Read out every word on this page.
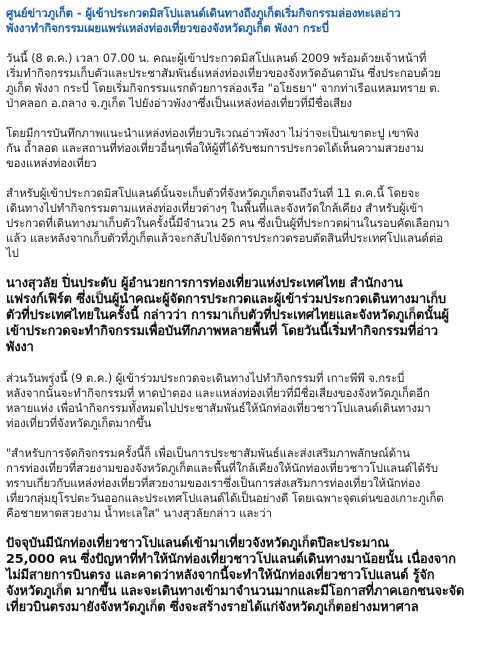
ศูนย์ข่าวภูเก็ต - ผู้เข้าประกวดมิสโปแลนด์เดินทางถึงภูเก็ตเริ่มกิจกรรมล่องทะเลอ่าว
พังงาทำกิจกรรมเผยแพร่แหล่งท่องเที่ยวของจังหวัดภูเก็ต พังงา กระบี่
วันนี้ (8 ต.ค.) เวลา 07.00 น. คณะผู้เข้าประกวดมิสโปแลนด์ 2009 พร้อมด้วยเจ้าหน้าที่
เริ่มทำกิจกรรมเก็บตัวและประชาสัมพันธ์แหล่งท่องเที่ยวของจังหวัดอันดามัน ซึ่งประกอบด้วย
ภูเก็ต พังงา กระบี่ โดยเริ่มกิจกรรมแรกด้วยการล่องเรือ "อโยธยา" จากท่าเรือแหลมทราย ต.
ป่าคลอก อ.ถลาง จ.ภูเก็ต ไปยังอ่าวพังงาซึ่งเป็นแหล่งท่องเที่ยวที่มีชื่อเสียง
โดยมีการบันทึกภาพแนะนำแหล่งท่องเที่ยวบริเวณอ่าวพังงา ไม่ว่าจะเป็นเขาตะปู เขาพิง
กัน ถ้ำลอด และสถานที่ท่องเที่ยวอื่นๆเพื่อให้ผู้ที่ได้รับชมการประกวดได้เห็นความสวยงาม
ของแหล่งท่องเที่ยว
สำหรับผู้เข้าประกวดมิสโปแลนด์นั้นจะเก็บตัวที่จังหวัดภูเก็ตจนถึงวันที่ 11 ต.ค.นี้ โดยจะ
เดินทางไปทำกิจกรรมตามแหล่งท่องเที่ยวต่างๆ ในพื้นที่และจังหวัดใกล้เคียง สำหรับผู้เข้า
ประกวดที่เดินทางมาเก็บตัวในครั้งนี้มีจำนวน 25 คน ซึ่งเป็นผู้ที่ประกวดผ่านในรอบคัดเลือกมา
แล้ว และหลังจากเก็บตัวที่ภูเก็ตแล้วจะกลับไปจัดการประกวดรอบตัดสินที่ประเทศโปแลนด์ต่อ
ไป
นางสุวลัย ปิ่นประดับ ผู้อำนวยการการท่องเที่ยวแห่งประเทศไทย สำนักงาน
แฟรงก์เฟิร์ต ซึ่งเป็นผู้นำคณะผู้จัดการประกวดและผู้เข้าร่วมประกวดเดินทางมาเก็บ
ตัวที่ประเทศไทยในครั้งนี้ กล่าวว่า การมาเก็บตัวที่ประเทศไทยและจังหวัดภูเก็ตนั้นผู้
เข้าประกวดจะทำกิจกรรมเพื่อบันทึกภาพหลายพื้นที่ โดยวันนี้เริ่มทำกิจกรรมที่อ่าว
พังงา
ส่วนวันพรุ่งนี้ (9 ต.ค.) ผู้เข้าร่วมประกวดจะเดินทางไปทำกิจกรรมที่ เกาะพีพี จ.กระบี่
หลังจากนั้นจะทำกิจกรรมที่ หาดป่าตอง และแหล่งท่องเที่ยวที่มีชื่อเสียงของจังหวัดภูเก็ตอีก
หลายแห่ง เพื่อนำกิจกรรมทั้งหมดไปประชาสัมพันธ์ให้นักท่องเที่ยวชาวโปแลนด์เดินทางมา
ท่องเที่ยวที่จังหวัดภูเก็ตมากขึ้น
"สำหรับการจัดกิจกรรมครั้งนี้ก็ เพื่อเป็นการประชาสัมพันธ์และส่งเสริมภาพลักษณ์ด้าน
การท่องเที่ยวที่สวยงามของจังหวัดภูเก็ตและพื้นที่ใกล้เคียงให้นักท่องเที่ยวชาวโปแลนด์ได้รับ
ทราบเกี่ยวกับแหล่งท่องเที่ยวที่สวยงามของเราซึ่งเป็นการส่งเสริมการท่องเที่ยวให้นักท่อง
เที่ยวกลุ่มยุโรปตะวันออกและประเทศโปแลนด์ได้เป็นอย่างดี โดยเฉพาะจุดเด่นของเกาะภูเก็ต
คือชายหาดสวยงาม น้ำทะเลใส" นางสุวลัยกล่าว และว่า
ปัจจุบันมีนักท่องเที่ยวชาวโปแลนด์เข้ามาเที่ยวจังหวัดภูเก็ตปีละประมาณ
25,000 คน ซึ่งปัญหาที่ทำให้นักท่องเที่ยวชาวโปแลนด์เดินทางมาน้อยนั้น เนื่องจาก
ไม่มีสายการบินตรง และคาดว่าหลังจากนี้จะทำให้นักท่องเที่ยวชาวโปแลนด์ รู้จัก
จังหวัดภูเก็ต มากขึ้น และจะเดินทางเข้ามาจำนวนมากและมีโอกาสที่ภาคเอกชนจะจัด
เที่ยวบินตรงมายังจังหวัดภูเก็ต ซึ่งจะสร้างรายได้แก่จังหวัดภูเก็ตอย่างมหาศาล
